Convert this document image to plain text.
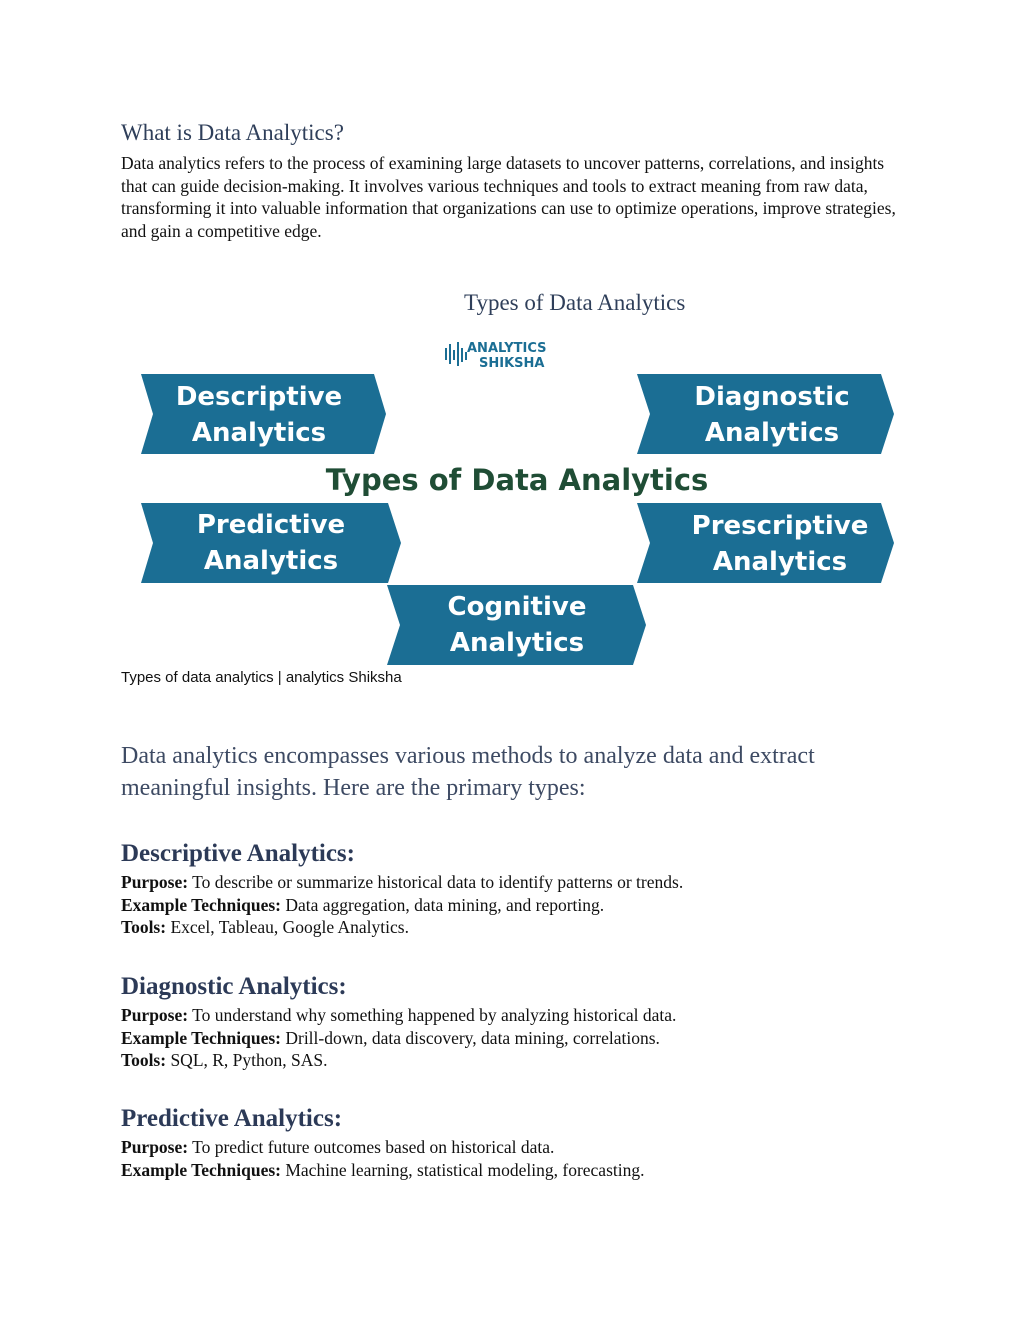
What is Data Analytics?

Data analytics refers to the process of examining large datasets to uncover patterns, correlations, and insights that can guide decision-making. It involves various techniques and tools to extract meaning from raw data, transforming it into valuable information that organizations can use to optimize operations, improve strategies, and gain a competitive edge.

Types of Data Analytics
ANALYTICS
SHIKSHA
Descriptive
Analytics
Diagnostic
Analytics
Types of Data Analytics
Predictive
Analytics
Prescriptive
Analytics
Cognitive
Analytics

Types of data analytics | analytics Shiksha

Data analytics encompasses various methods to analyze data and extract meaningful insights. Here are the primary types:

Descriptive Analytics:

Purpose: To describe or summarize historical data to identify patterns or trends.

Example Techniques: Data aggregation, data mining, and reporting.

Tools: Excel, Tableau, Google Analytics.

Diagnostic Analytics:

Purpose: To understand why something happened by analyzing historical data.

Example Techniques: Drill-down, data discovery, data mining, correlations.

Tools: SQL, R, Python, SAS.

Predictive Analytics:

Purpose: To predict future outcomes based on historical data.

Example Techniques: Machine learning, statistical modeling, forecasting.
